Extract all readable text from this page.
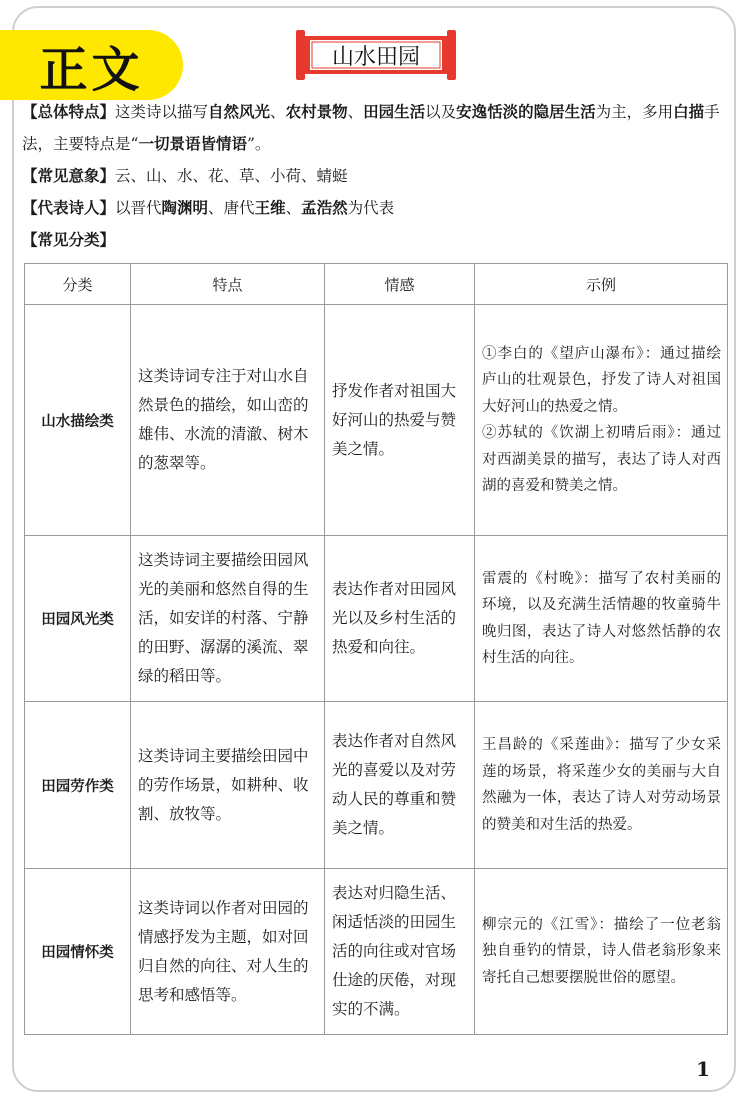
正文	山水田园

【总体特点】这类诗以描写自然风光、农村景物、田园生活以及安逸恬淡的隐居生活为主，多用白描手法，主要特点是“一切景语皆情语”。

【常见意象】云、山、水、花、草、小荷、蜻蜓

【代表诗人】以晋代陶渊明、唐代王维、孟浩然为代表

【常见分类】

分类	特点	情感	示例
山水描绘类	这类诗词专注于对山水自然景色的描绘，如山峦的雄伟、水流的清澈、树木的葱翠等。	抒发作者对祖国大好河山的热爱与赞美之情。	①李白的《望庐山瀑布》：通过描绘庐山的壮观景色，抒发了诗人对祖国大好河山的热爱之情。

②苏轼的《饮湖上初晴后雨》：通过对西湖美景的描写，表达了诗人对西湖的喜爱和赞美之情。

田园风光类	这类诗词主要描绘田园风光的美丽和悠然自得的生活，如安详的村落、宁静的田野、潺潺的溪流、翠绿的稻田等。	表达作者对田园风光以及乡村生活的热爱和向往。	雷震的《村晚》：描写了农村美丽的环境，以及充满生活情趣的牧童骑牛晚归图，表达了诗人对悠然恬静的农村生活的向往。

田园劳作类	这类诗词主要描绘田园中的劳作场景，如耕种、收割、放牧等。	表达作者对自然风光的喜爱以及对劳动人民的尊重和赞美之情。	王昌龄的《采莲曲》：描写了少女采莲的场景，将采莲少女的美丽与大自然融为一体，表达了诗人对劳动场景的赞美和对生活的热爱。

田园情怀类	这类诗词以作者对田园的情感抒发为主题，如对回归自然的向往、对人生的思考和感悟等。	表达对归隐生活、闲适恬淡的田园生活的向往或对官场仕途的厌倦，对现实的不满。	柳宗元的《江雪》：描绘了一位老翁独自垂钓的情景，诗人借老翁形象来寄托自己想要摆脱世俗的愿望。

1
